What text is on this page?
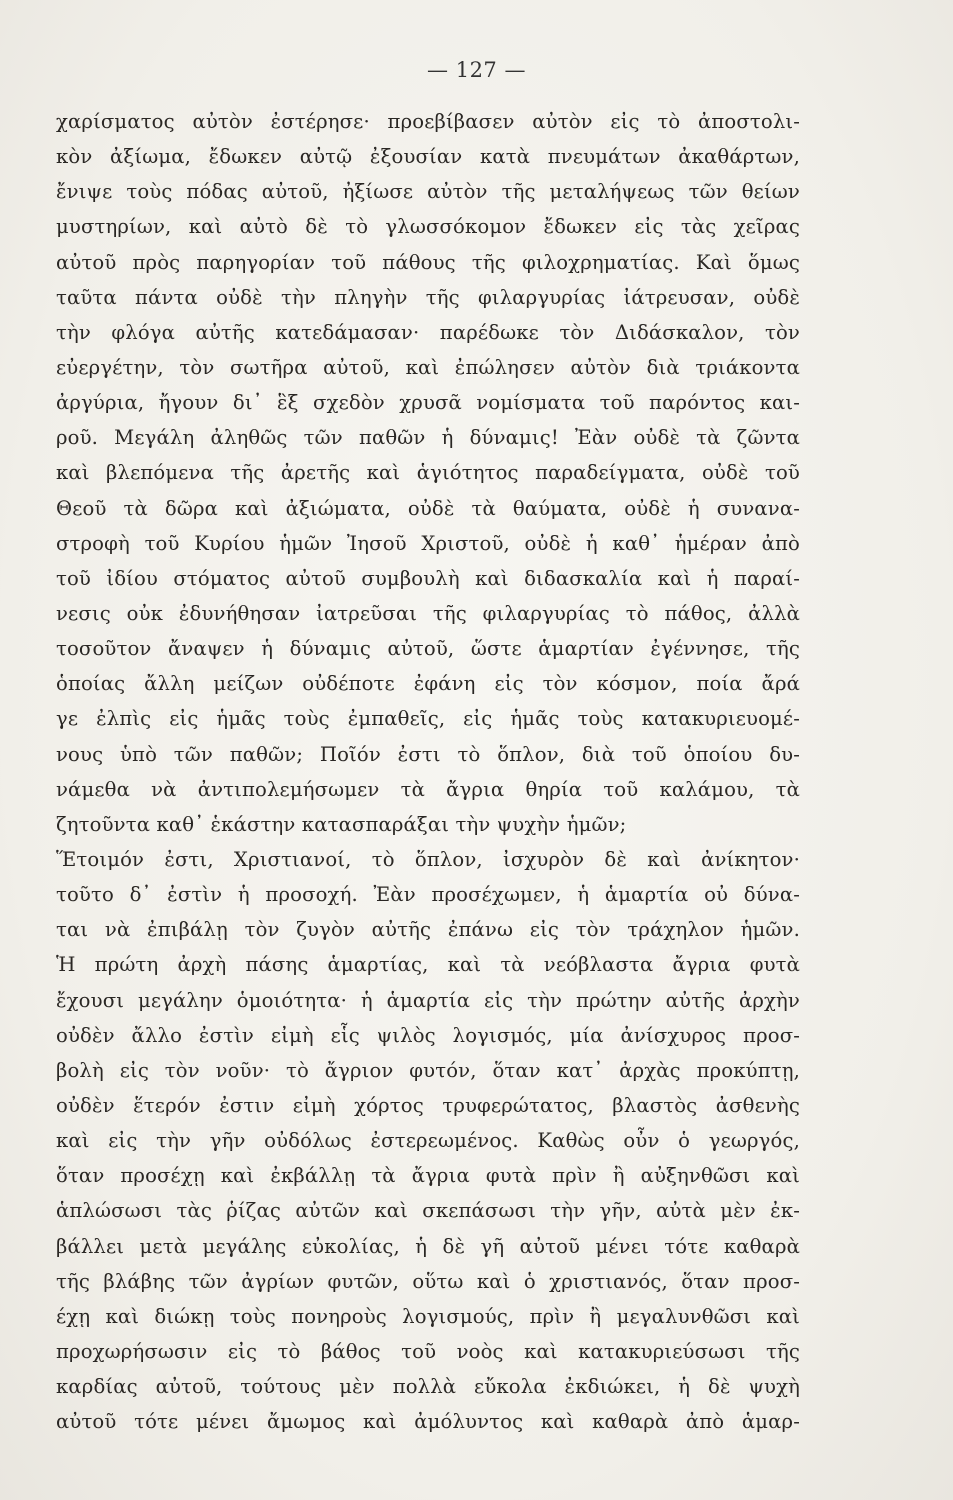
— 127 —
χαρίσματος αὐτὸν ἐστέρησε· προεβίβασεν αὐτὸν εἰς τὸ ἀποστολι-
κὸν ἀξίωμα, ἔδωκεν αὐτῷ ἐξουσίαν κατὰ πνευμάτων ἀκαθάρτων,
ἔνιψε τοὺς πόδας αὐτοῦ, ἠξίωσε αὐτὸν τῆς μεταλήψεως τῶν θείων
μυστηρίων, καὶ αὐτὸ δὲ τὸ γλωσσόκομον ἔδωκεν εἰς τὰς χεῖρας
αὐτοῦ πρὸς παρηγορίαν τοῦ πάθους τῆς φιλοχρηματίας. Καὶ ὅμως
ταῦτα πάντα οὐδὲ τὴν πληγὴν τῆς φιλαργυρίας ἰάτρευσαν, οὐδὲ
τὴν φλόγα αὐτῆς κατεδάμασαν· παρέδωκε τὸν Διδάσκαλον, τὸν
εὐεργέτην, τὸν σωτῆρα αὐτοῦ, καὶ ἐπώλησεν αὐτὸν διὰ τριάκοντα
ἀργύρια, ἤγουν δι᾽ ἓξ σχεδὸν χρυσᾶ νομίσματα τοῦ παρόντος και-
ροῦ. Μεγάλη ἀληθῶς τῶν παθῶν ἡ δύναμις! Ἐὰν οὐδὲ τὰ ζῶντα
καὶ βλεπόμενα τῆς ἀρετῆς καὶ ἁγιότητος παραδείγματα, οὐδὲ τοῦ
Θεοῦ τὰ δῶρα καὶ ἀξιώματα, οὐδὲ τὰ θαύματα, οὐδὲ ἡ συνανα-
στροφὴ τοῦ Κυρίου ἡμῶν Ἰησοῦ Χριστοῦ, οὐδὲ ἡ καθ᾽ ἡμέραν ἀπὸ
τοῦ ἰδίου στόματος αὐτοῦ συμβουλὴ καὶ διδασκαλία καὶ ἡ παραί-
νεσις οὐκ ἐδυνήθησαν ἰατρεῦσαι τῆς φιλαργυρίας τὸ πάθος, ἀλλὰ
τοσοῦτον ἄναψεν ἡ δύναμις αὐτοῦ, ὥστε ἁμαρτίαν ἐγέννησε, τῆς
ὁποίας ἄλλη μείζων οὐδέποτε ἐφάνη εἰς τὸν κόσμον, ποία ἄρά
γε ἐλπὶς εἰς ἡμᾶς τοὺς ἐμπαθεῖς, εἰς ἡμᾶς τοὺς κατακυριευομέ-
νους ὑπὸ τῶν παθῶν; Ποῖόν ἐστι τὸ ὅπλον, διὰ τοῦ ὁποίου δυ-
νάμεθα νὰ ἀντιπολεμήσωμεν τὰ ἄγρια θηρία τοῦ καλάμου, τὰ
ζητοῦντα καθ᾽ ἑκάστην κατασπαράξαι τὴν ψυχὴν ἡμῶν;
Ἕτοιμόν ἐστι, Χριστιανοί, τὸ ὅπλον, ἰσχυρὸν δὲ καὶ ἀνίκητον·
τοῦτο δ᾽ ἐστὶν ἡ προσοχή. Ἐὰν προσέχωμεν, ἡ ἁμαρτία οὐ δύνα-
ται νὰ ἐπιβάλῃ τὸν ζυγὸν αὐτῆς ἐπάνω εἰς τὸν τράχηλον ἡμῶν.
Ἡ πρώτη ἀρχὴ πάσης ἁμαρτίας, καὶ τὰ νεόβλαστα ἄγρια φυτὰ
ἔχουσι μεγάλην ὁμοιότητα· ἡ ἁμαρτία εἰς τὴν πρώτην αὐτῆς ἀρχὴν
οὐδὲν ἄλλο ἐστὶν εἰμὴ εἷς ψιλὸς λογισμός, μία ἀνίσχυρος προσ-
βολὴ εἰς τὸν νοῦν· τὸ ἄγριον φυτόν, ὅταν κατ᾽ ἀρχὰς προκύπτῃ,
οὐδὲν ἕτερόν ἐστιν εἰμὴ χόρτος τρυφερώτατος, βλαστὸς ἀσθενὴς
καὶ εἰς τὴν γῆν οὐδόλως ἐστερεωμένος. Καθὼς οὖν ὁ γεωργός,
ὅταν προσέχῃ καὶ ἐκβάλλῃ τὰ ἄγρια φυτὰ πρὶν ἢ αὐξηνθῶσι καὶ
ἁπλώσωσι τὰς ῥίζας αὐτῶν καὶ σκεπάσωσι τὴν γῆν, αὐτὰ μὲν ἐκ-
βάλλει μετὰ μεγάλης εὐκολίας, ἡ δὲ γῆ αὐτοῦ μένει τότε καθαρὰ
τῆς βλάβης τῶν ἀγρίων φυτῶν, οὕτω καὶ ὁ χριστιανός, ὅταν προσ-
έχῃ καὶ διώκῃ τοὺς πονηροὺς λογισμούς, πρὶν ἢ μεγαλυνθῶσι καὶ
προχωρήσωσιν εἰς τὸ βάθος τοῦ νοὸς καὶ κατακυριεύσωσι τῆς
καρδίας αὐτοῦ, τούτους μὲν πολλὰ εὔκολα ἐκδιώκει, ἡ δὲ ψυχὴ
αὐτοῦ τότε μένει ἄμωμος καὶ ἀμόλυντος καὶ καθαρὰ ἀπὸ ἁμαρ-
